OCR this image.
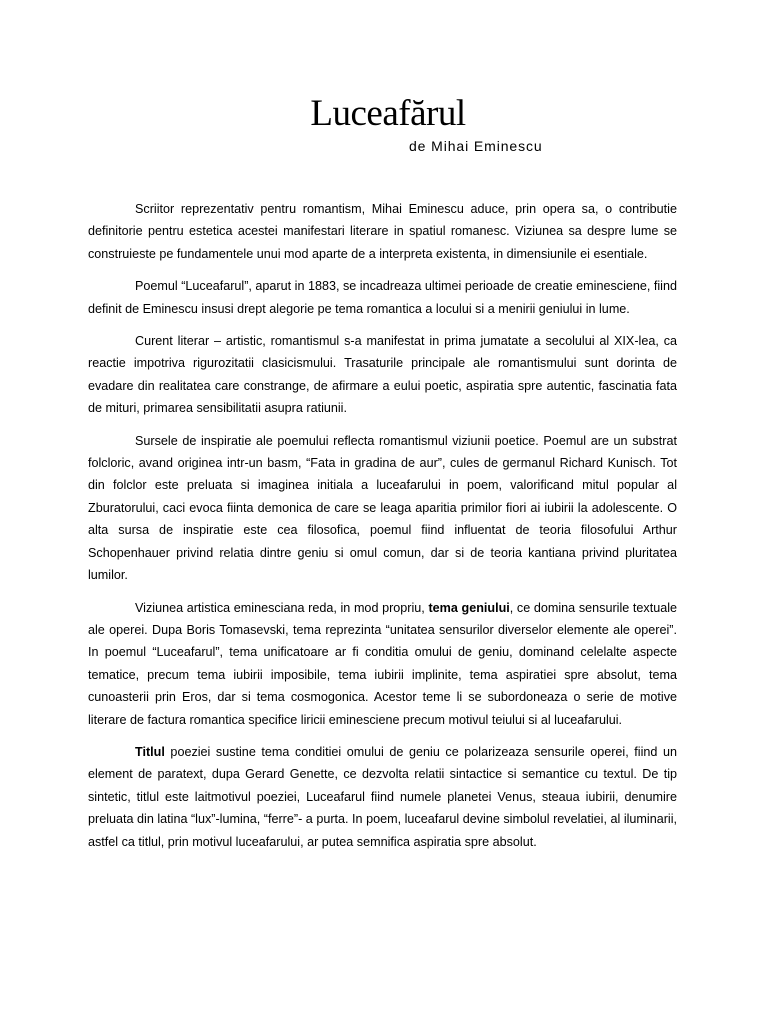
Luceafărul
de Mihai Eminescu

Scriitor reprezentativ pentru romantism, Mihai Eminescu aduce, prin opera sa, o contributie definitorie pentru estetica acestei manifestari literare in spatiul romanesc. Viziunea sa despre lume se construieste pe fundamentele unui mod aparte de a interpreta existenta, in dimensiunile ei esentiale.

Poemul “Luceafarul”, aparut in 1883, se incadreaza ultimei perioade de creatie eminesciene, fiind definit de Eminescu insusi drept alegorie pe tema romantica a locului si a menirii geniului in lume.

Curent literar – artistic, romantismul s-a manifestat in prima jumatate a secolului al XIX-lea, ca reactie impotriva rigurozitatii clasicismului. Trasaturile principale ale romantismului sunt dorinta de evadare din realitatea care constrange, de afirmare a eului poetic, aspiratia spre autentic, fascinatia fata de mituri, primarea sensibilitatii asupra ratiunii.

Sursele de inspiratie ale poemului reflecta romantismul viziunii poetice. Poemul are un substrat folcloric, avand originea intr-un basm, “Fata in gradina de aur”, cules de germanul Richard Kunisch. Tot din folclor este preluata si imaginea initiala a luceafarului in poem, valorificand mitul popular al Zburatorului, caci evoca fiinta demonica de care se leaga aparitia primilor fiori ai iubirii la adolescente. O alta sursa de inspiratie este cea filosofica, poemul fiind influentat de teoria filosofului Arthur Schopenhauer privind relatia dintre geniu si omul comun, dar si de teoria kantiana privind pluritatea lumilor.

Viziunea artistica eminesciana reda, in mod propriu, tema geniului, ce domina sensurile textuale ale operei. Dupa Boris Tomasevski, tema reprezinta “unitatea sensurilor diverselor elemente ale operei”. In poemul “Luceafarul”, tema unificatoare ar fi conditia omului de geniu, dominand celelalte aspecte tematice, precum tema iubirii imposibile, tema iubirii implinite, tema aspiratiei spre absolut, tema cunoasterii prin Eros, dar si tema cosmogonica. Acestor teme li se subordoneaza o serie de motive literare de factura romantica specifice liricii eminesciene precum motivul teiului si al luceafarului.

Titlul poeziei sustine tema conditiei omului de geniu ce polarizeaza sensurile operei, fiind un element de paratext, dupa Gerard Genette, ce dezvolta relatii sintactice si semantice cu textul. De tip sintetic, titlul este laitmotivul poeziei, Luceafarul fiind numele planetei Venus, steaua iubirii, denumire preluata din latina “lux”-lumina, “ferre”- a purta. In poem, luceafarul devine simbolul revelatiei, al iluminarii, astfel ca titlul, prin motivul luceafarului, ar putea semnifica aspiratia spre absolut.
